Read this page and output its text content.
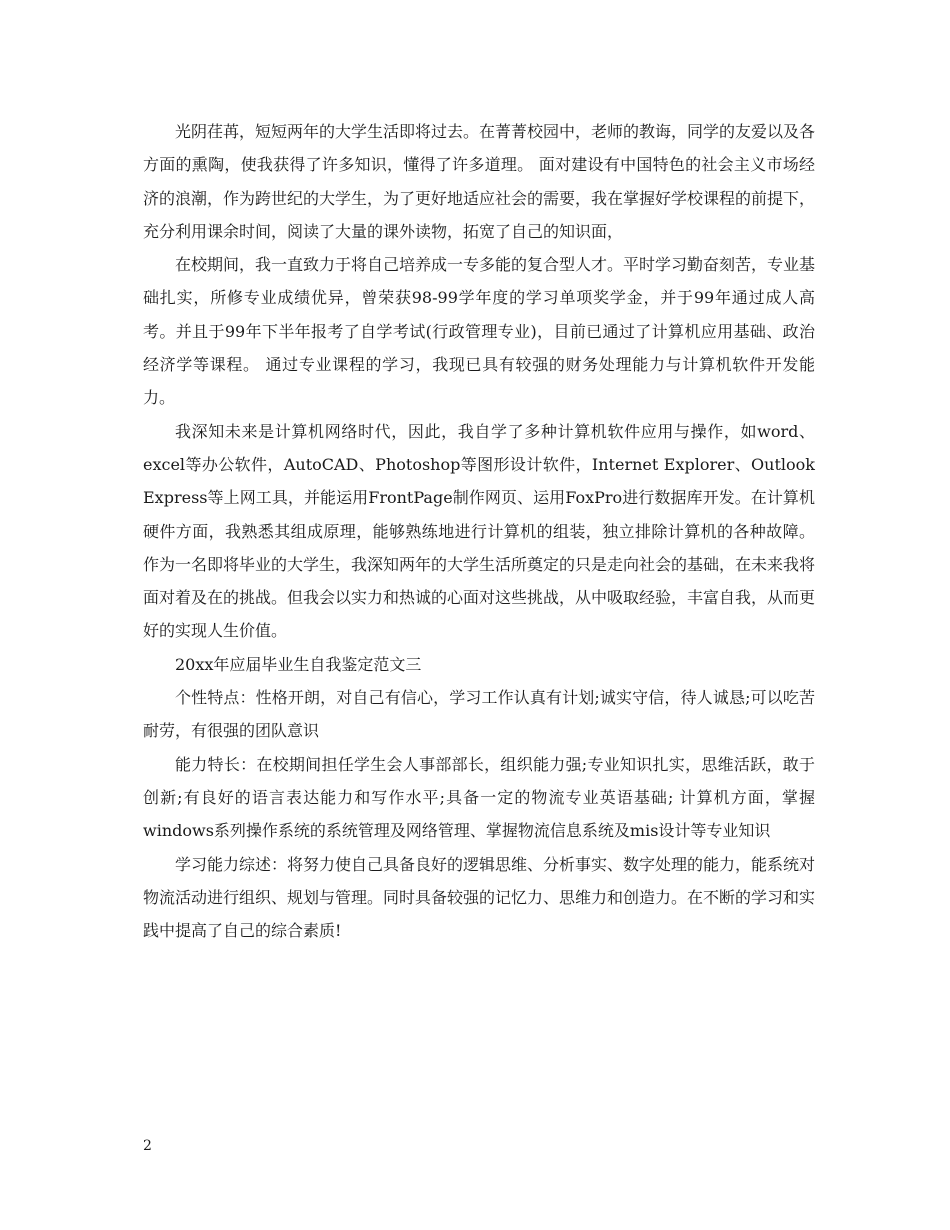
光阴荏苒，短短两年的大学生活即将过去。在菁菁校园中，老师的教诲，同学的友爱以及各方面的熏陶，使我获得了许多知识，懂得了许多道理。 面对建设有中国特色的社会主义市场经济的浪潮，作为跨世纪的大学生，为了更好地适应社会的需要，我在掌握好学校课程的前提下，充分利用课余时间，阅读了大量的课外读物，拓宽了自己的知识面，

在校期间，我一直致力于将自己培养成一专多能的复合型人才。平时学习勤奋刻苦，专业基础扎实，所修专业成绩优异，曾荣获98-99学年度的学习单项奖学金，并于99年通过成人高考。并且于99年下半年报考了自学考试(行政管理专业)，目前已通过了计算机应用基础、政治经济学等课程。 通过专业课程的学习，我现已具有较强的财务处理能力与计算机软件开发能力。

我深知未来是计算机网络时代，因此，我自学了多种计算机软件应用与操作，如word、excel等办公软件，AutoCAD、Photoshop等图形设计软件，Internet Explorer、Outlook Express等上网工具，并能运用FrontPage制作网页、运用FoxPro进行数据库开发。在计算机硬件方面，我熟悉其组成原理，能够熟练地进行计算机的组装，独立排除计算机的各种故障。 作为一名即将毕业的大学生，我深知两年的大学生活所奠定的只是走向社会的基础，在未来我将面对着及在的挑战。但我会以实力和热诚的心面对这些挑战，从中吸取经验，丰富自我，从而更好的实现人生价值。

20xx年应届毕业生自我鉴定范文三

个性特点：性格开朗，对自己有信心，学习工作认真有计划;诚实守信，待人诚恳;可以吃苦耐劳，有很强的团队意识

能力特长：在校期间担任学生会人事部部长，组织能力强;专业知识扎实，思维活跃，敢于创新;有良好的语言表达能力和写作水平;具备一定的物流专业英语基础; 计算机方面，掌握windows系列操作系统的系统管理及网络管理、掌握物流信息系统及mis设计等专业知识

学习能力综述：将努力使自己具备良好的逻辑思维、分析事实、数字处理的能力，能系统对物流活动进行组织、规划与管理。同时具备较强的记忆力、思维力和创造力。在不断的学习和实践中提高了自己的综合素质!

2
